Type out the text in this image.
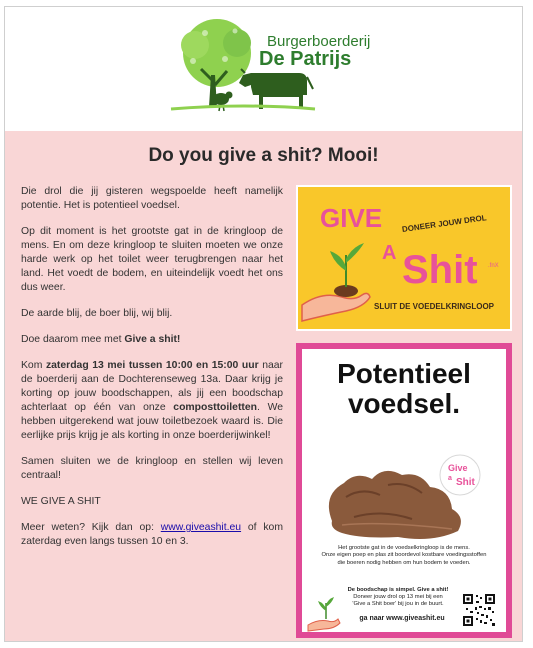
Burgerboerderij
De Patrijs
Do you give a shit? Mooi!

Die drol die jij gisteren wegspoelde heeft namelijk potentie. Het is potentieel voedsel.

Op dit moment is het grootste gat in de kringloop de mens. En om deze kringloop te sluiten moeten we onze harde werk op het toilet weer terugbrengen naar het land. Het voedt de bodem, en uiteindelijk voedt het ons dus weer.

De aarde blij, de boer blij, wij blij.

Doe daarom mee met Give a shit!

Kom zaterdag 13 mei tussen 10:00 en 15:00 uur naar de boerderij aan de Dochterenseweg 13a. Daar krijg je korting op jouw boodschappen, als jij een boodschap achterlaat op één van onze composttoiletten. We hebben uitgerekend wat jouw toiletbezoek waard is. Die eerlijke prijs krijg je als korting in onze boerderijwinkel!

Samen sluiten we de kringloop en stellen wij leven centraal!

WE GIVE A SHIT

Meer weten? Kijk dan op: www.giveashit.eu of kom zaterdag even langs tussen 10 en 3.

GIVE
A Shit .fnX
DONEER JOUW DROL
SLUIT DE VOEDELKRINGLOOP
Potentieel
voedsel.
Give
a Shit
Het grootste gat in de voedselkringloop is de mens.
Onze eigen poep en plas zit boordevol kostbare voedingsstoffen
die boeren nodig hebben om hun bodem te voeden.
De boodschap is simpel. Give a shit!
Doneer jouw drol op 13 mei bij een
'Give a Shit boer' bij jou in de buurt.
ga naar www.giveashit.eu
